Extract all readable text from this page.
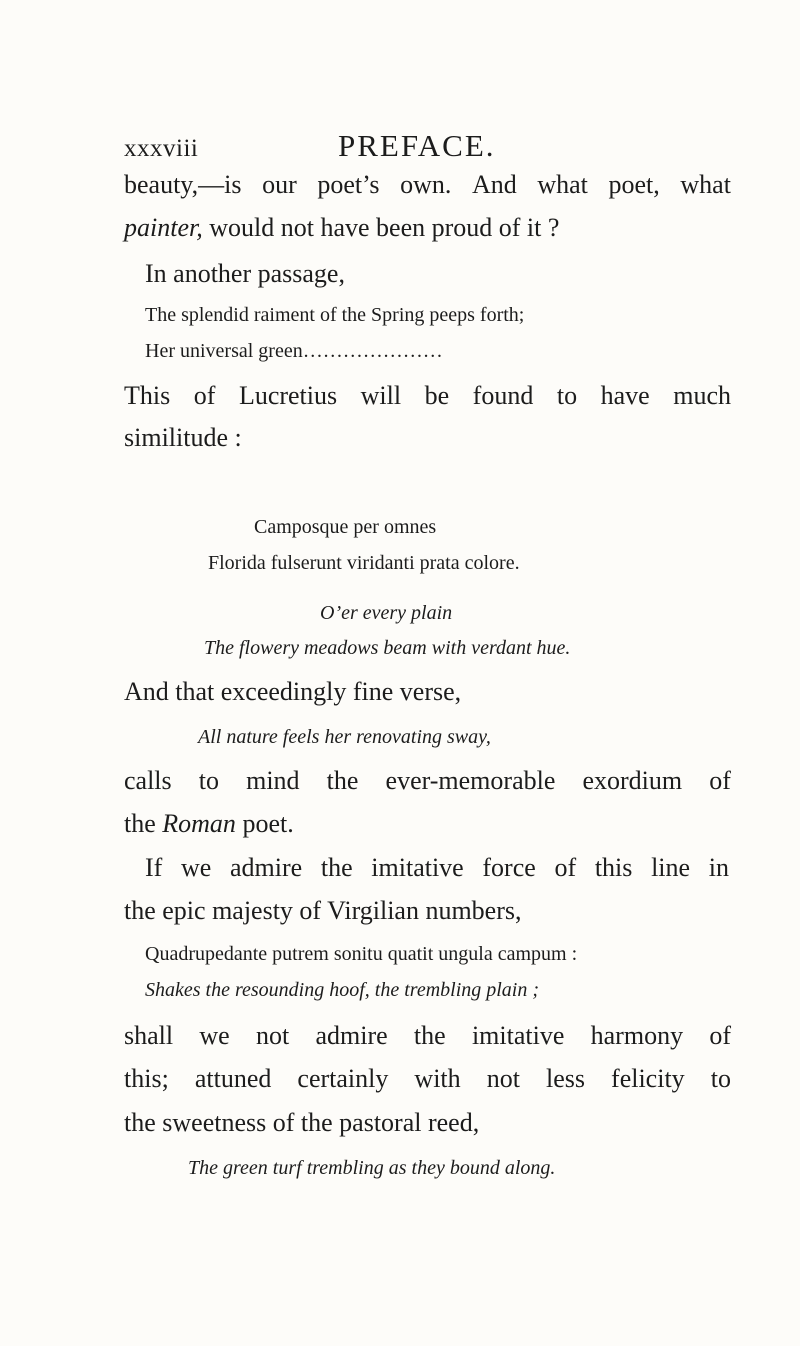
xxxviii	PREFACE.
beauty,—is our poet’s own. And what poet, what
painter, would not have been proud of it ?
In another passage,
The splendid raiment of the Spring peeps forth;
Her universal green…………………
This of Lucretius will be found to have much
similitude :
Camposque per omnes
Florida fulserunt viridanti prata colore.
O’er every plain
The flowery meadows beam with verdant hue.
And that exceedingly fine verse,
All nature feels her renovating sway,
calls to mind the ever-memorable exordium of
the Roman poet.
If we admire the imitative force of this line in
the epic majesty of Virgilian numbers,
Quadrupedante putrem sonitu quatit ungula campum :
Shakes the resounding hoof, the trembling plain ;
shall we not admire the imitative harmony of
this; attuned certainly with not less felicity to
the sweetness of the pastoral reed,
The green turf trembling as they bound along.
